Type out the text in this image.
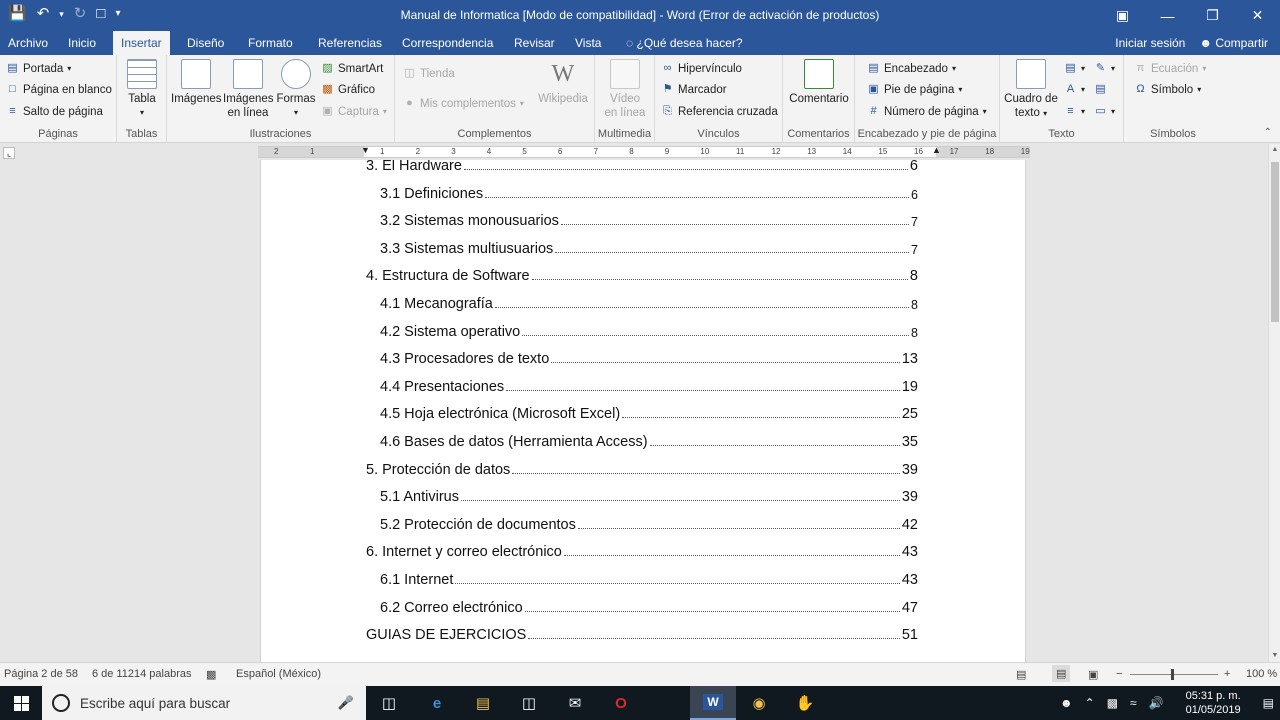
💾 ↶ ▾ ↻ □ ▾	Manual de Informatica [Modo de compatibilidad] - Word (Error de activación de productos)	▣	—	❐	✕
Archivo	Inicio	Insertar	Diseño	Formato	Referencias	Correspondencia	Revisar	Vista	◌ ¿Qué desea hacer?	Iniciar sesión ☻ Compartir
▤ Portada ▾
□ Página en blanco
≡ Salto de página
Páginas
Tabla
▾
Tablas
Imágenes Imágenes
en línea
Formas
▾
▨ SmartArt
▩ Gráfico
▣ Captura ▾
Ilustraciones
◫ Tienda
● Mis complementos ▾
W
Wikipedia
Complementos
Vídeo
en línea
Multimedia
∞ Hipervínculo
⚑ Marcador
⎘ Referencia cruzada
Vínculos
Comentario
Comentarios
▤ Encabezado ▾
▣ Pie de página ▾
# Número de página ▾
Encabezado y pie de página
Cuadro de
texto ▾
▤ ▾
A ▾
≡ ▾
✎ ▾
▤
▭ ▾
Texto
π Ecuación ▾
Ω Símbolo ▾
Símbolos	⌃
⌞	2	1	▼	▲
1	2	3	4	5	6	7	8	9	10	11	12	13	14	15	16	17	18	19
3. El Hardware	6
3.1 Definiciones	6
3.2 Sistemas monousuarios	7
3.3 Sistemas multiusuarios	7
4. Estructura de Software	8
4.1 Mecanografía	8
4.2 Sistema operativo	8
4.3 Procesadores de texto	13
4.4 Presentaciones	19
4.5 Hoja electrónica (Microsoft Excel)	25
4.6 Bases de datos (Herramienta Access)	35
5. Protección de datos	39
5.1 Antivirus	39
5.2 Protección de documentos	42
6. Internet y correo electrónico	43
6.1 Internet	43
6.2 Correo electrónico	47
GUIAS DE EJERCICIOS	51
▲
▼
Página 2 de 58 6 de 11214 palabras ▩ Español (México)	▤	▤	▣ −	+ 100 %
Escribe aquí para buscar	🎤	◫	e	▤	◫	✉	O	W	◉	✋	☻ ⌃ ▩ ≈ 🔊	05:31 p. m.
01/05/2019	▤
